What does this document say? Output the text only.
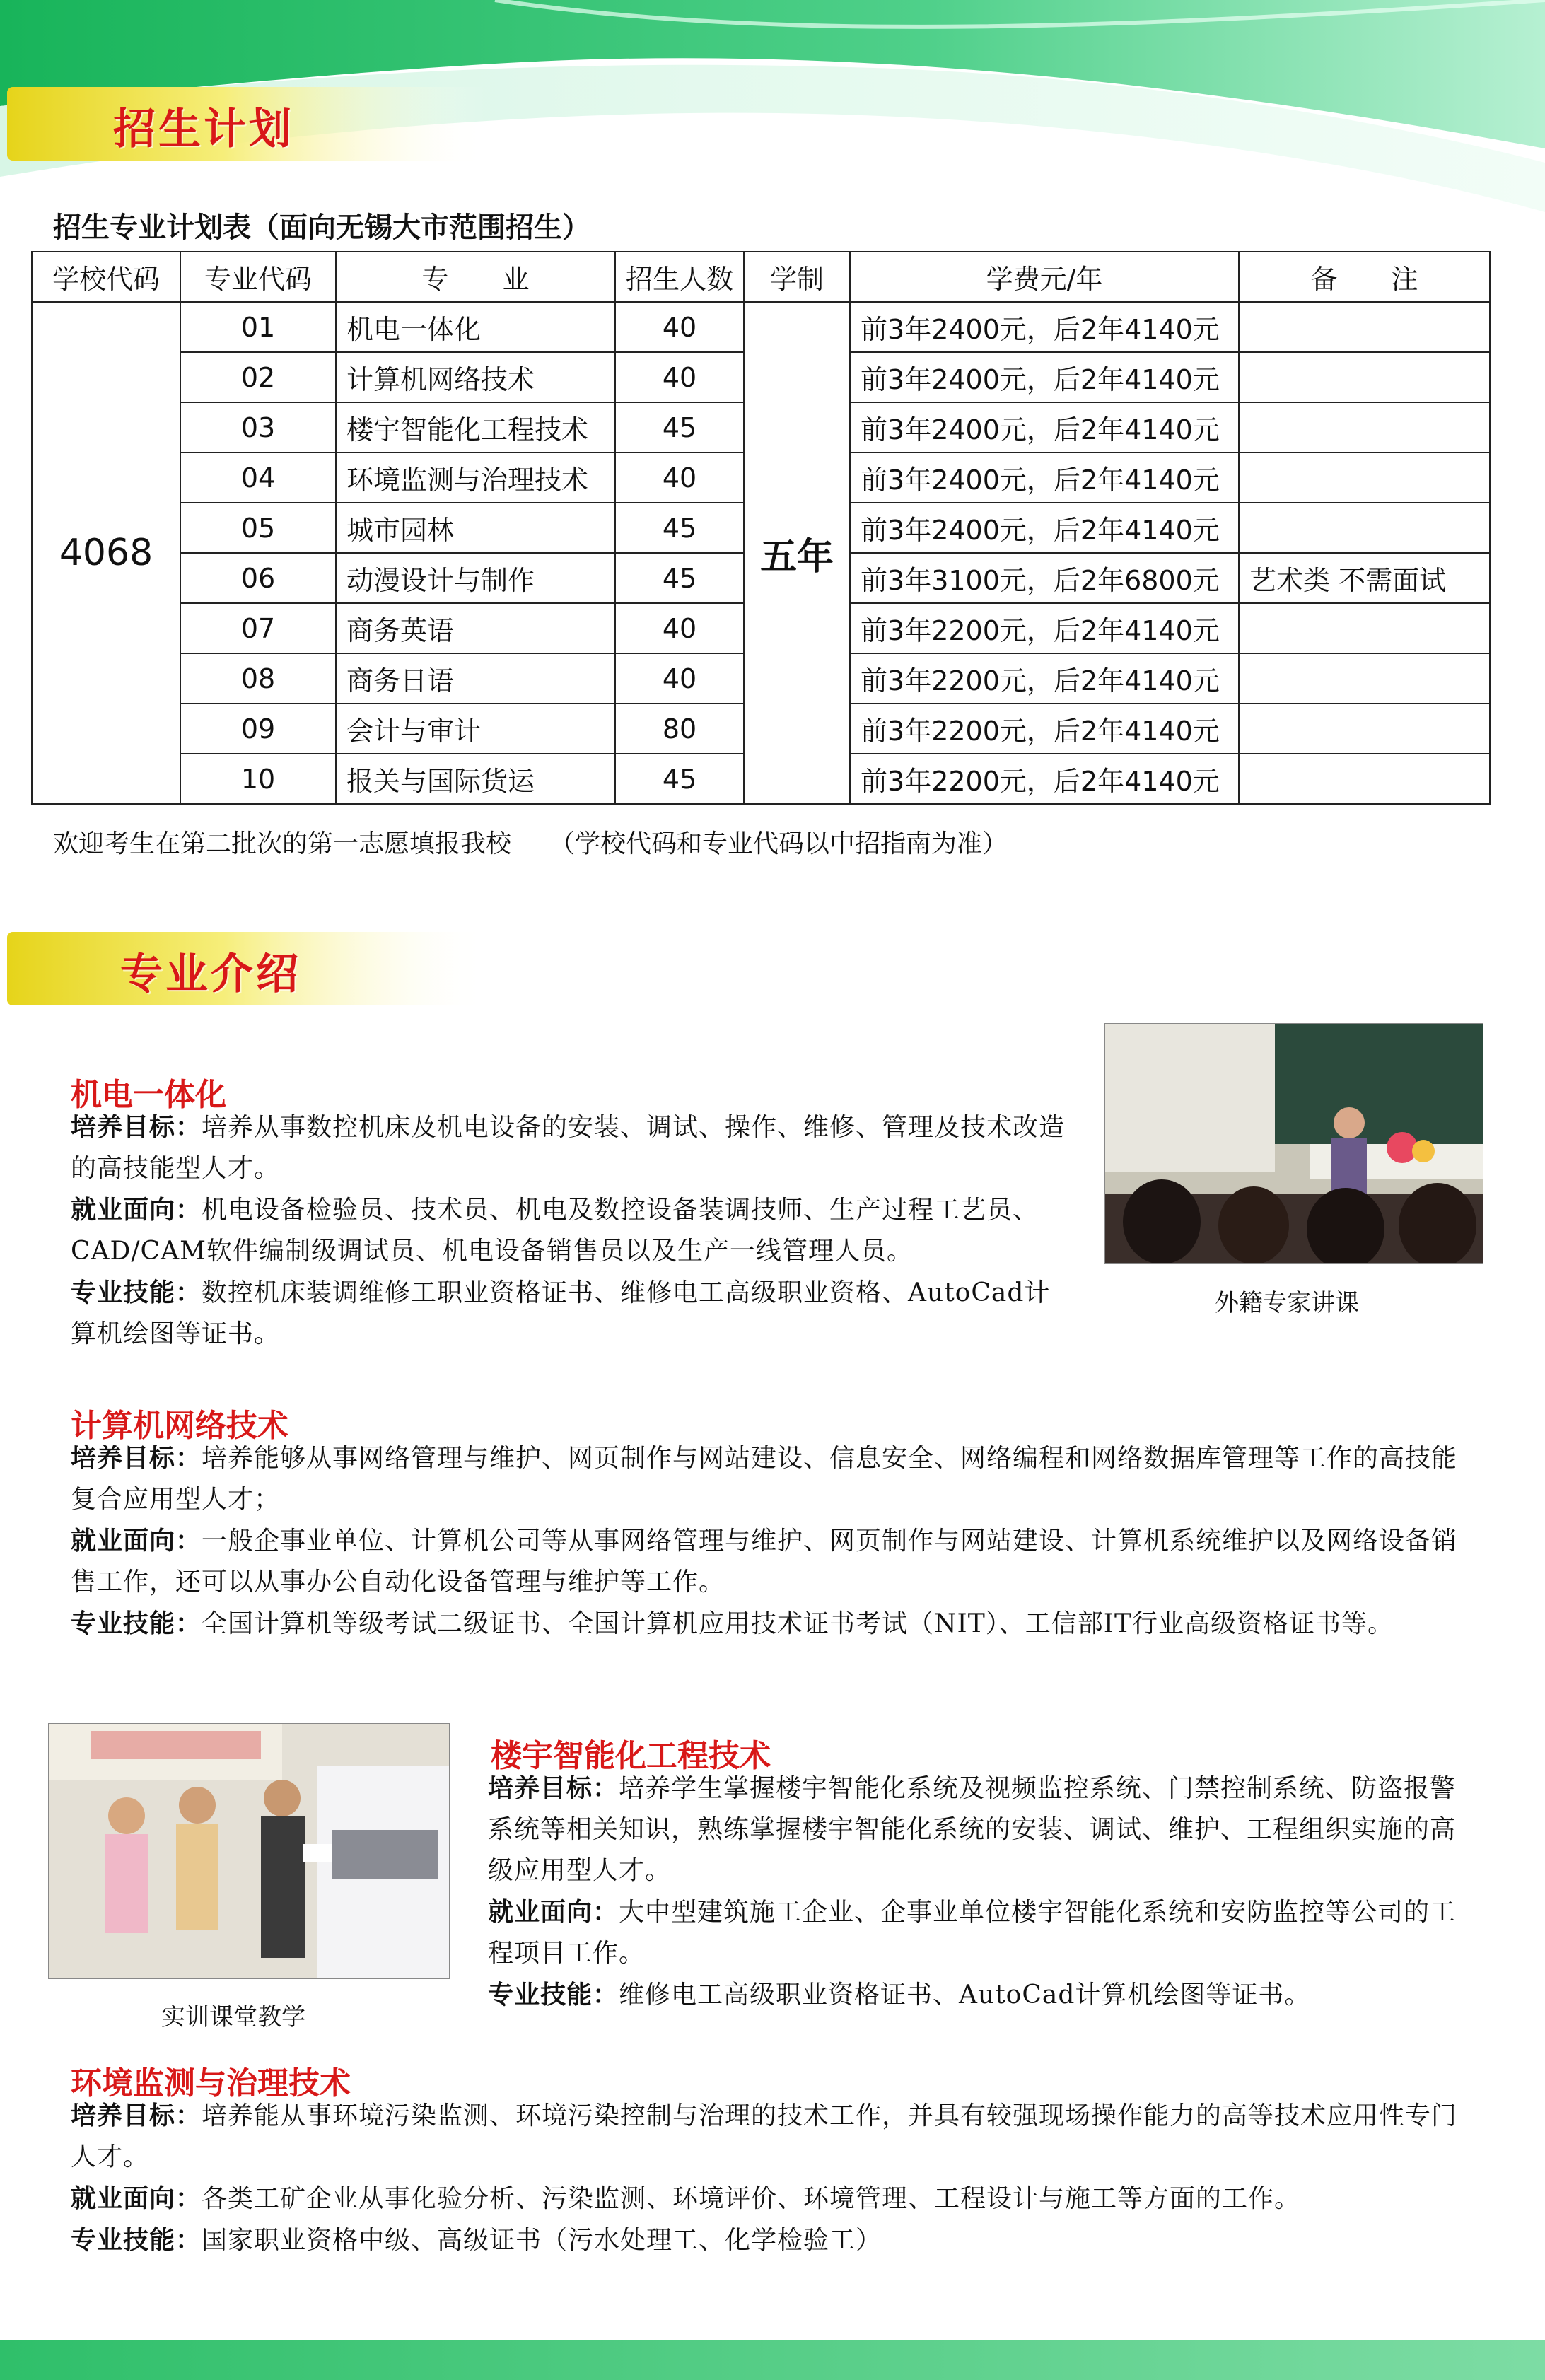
招生计划
招生专业计划表（面向无锡大市范围招生）
学校代码	专业代码	专　　业	招生人数	学制	学费元/年	备　　注
4068	01	机电一体化	40	五年	前3年2400元，后2年4140元	
	02	计算机网络技术	40		前3年2400元，后2年4140元	
	03	楼宇智能化工程技术	45		前3年2400元，后2年4140元	
	04	环境监测与治理技术	40		前3年2400元，后2年4140元	
	05	城市园林	45		前3年2400元，后2年4140元	
	06	动漫设计与制作	45		前3年3100元，后2年6800元	艺术类 不需面试
	07	商务英语	40		前3年2200元，后2年4140元	
	08	商务日语	40		前3年2200元，后2年4140元	
	09	会计与审计	80		前3年2200元，后2年4140元	
	10	报关与国际货运	45		前3年2200元，后2年4140元	
欢迎考生在第二批次的第一志愿填报我校　　（学校代码和专业代码以中招指南为准）
专业介绍
外籍专家讲课
机电一体化
培养目标：培养从事数控机床及机电设备的安装、调试、操作、维修、管理及技术改造的高技能型人才。
就业面向：机电设备检验员、技术员、机电及数控设备装调技师、生产过程工艺员、CAD/CAM软件编制级调试员、机电设备销售员以及生产一线管理人员。
专业技能：数控机床装调维修工职业资格证书、维修电工高级职业资格、AutoCad计算机绘图等证书。
计算机网络技术
培养目标：培养能够从事网络管理与维护、网页制作与网站建设、信息安全、网络编程和网络数据库管理等工作的高技能复合应用型人才；
就业面向：一般企事业单位、计算机公司等从事网络管理与维护、网页制作与网站建设、计算机系统维护以及网络设备销售工作，还可以从事办公自动化设备管理与维护等工作。
专业技能：全国计算机等级考试二级证书、全国计算机应用技术证书考试（NIT）、工信部IT行业高级资格证书等。
实训课堂教学
楼宇智能化工程技术
培养目标：培养学生掌握楼宇智能化系统及视频监控系统、门禁控制系统、防盗报警系统等相关知识，熟练掌握楼宇智能化系统的安装、调试、维护、工程组织实施的高级应用型人才。
就业面向：大中型建筑施工企业、企事业单位楼宇智能化系统和安防监控等公司的工程项目工作。
专业技能：维修电工高级职业资格证书、AutoCad计算机绘图等证书。
环境监测与治理技术
培养目标：培养能从事环境污染监测、环境污染控制与治理的技术工作，并具有较强现场操作能力的高等技术应用性专门人才。
就业面向：各类工矿企业从事化验分析、污染监测、环境评价、环境管理、工程设计与施工等方面的工作。
专业技能：国家职业资格中级、高级证书（污水处理工、化学检验工）
